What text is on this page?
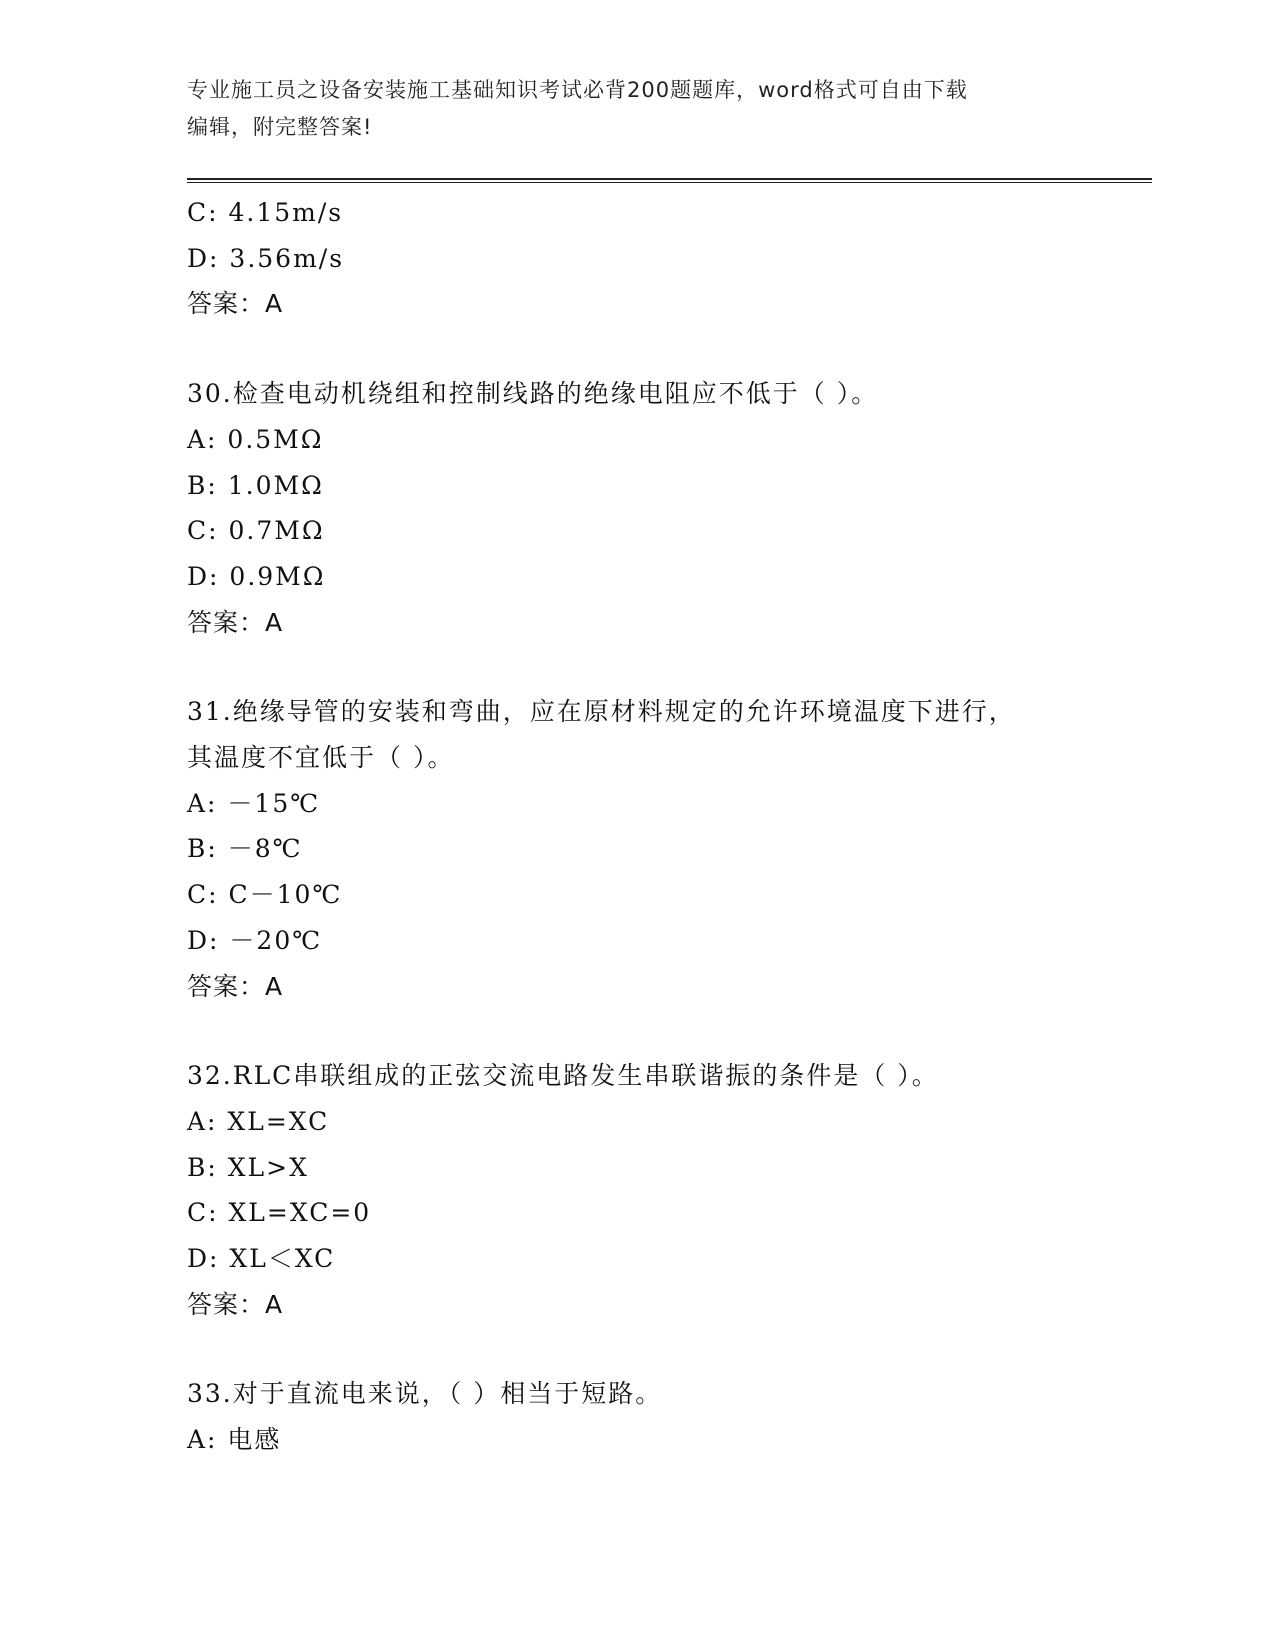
专业施工员之设备安装施工基础知识考试必背200题题库，word格式可自由下载
编辑，附完整答案!
C: 4.15m/s
D: 3.56m/s
答案：A
30.检查电动机绕组和控制线路的绝缘电阻应不低于（ ）。
A: 0.5MΩ
B: 1.0MΩ
C: 0.7MΩ
D: 0.9MΩ
答案：A
31.绝缘导管的安装和弯曲，应在原材料规定的允许环境温度下进行，
其温度不宜低于（ ）。
A: －15℃
B: －8℃
C: C－10℃
D: －20℃
答案：A
32.RLC串联组成的正弦交流电路发生串联谐振的条件是（ ）。
A: XL=XC
B: XL>X
C: XL=XC=0
D: XL＜XC
答案：A
33.对于直流电来说，（ ）相当于短路。
A: 电感
